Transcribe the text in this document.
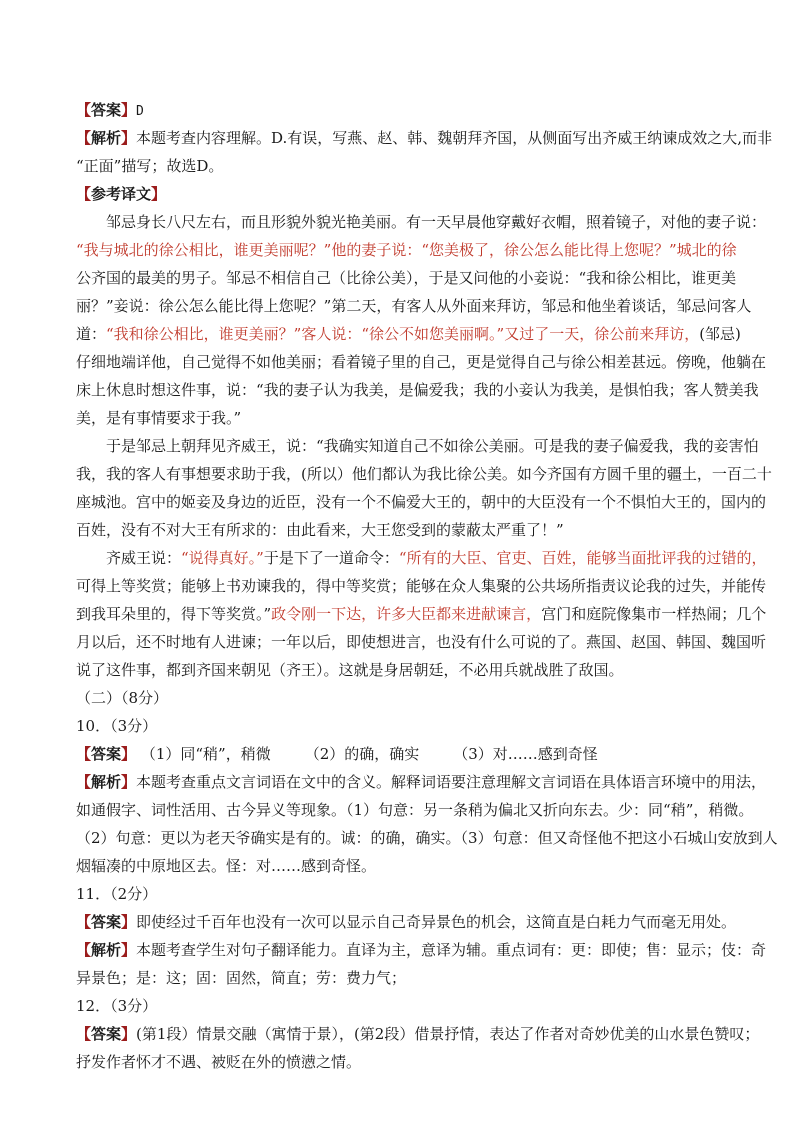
【答案】D
【解析】本题考查内容理解。D.有误，写燕、赵、韩、魏朝拜齐国，从侧面写出齐威王纳谏成效之大,而非
“正面”描写；故选D。
【参考译文】
邹忌身长八尺左右，而且形貌外貌光艳美丽。有一天早晨他穿戴好衣帽，照着镜子，对他的妻子说：
“我与城北的徐公相比，谁更美丽呢？”他的妻子说：“您美极了，徐公怎么能比得上您呢？”城北的徐
公齐国的最美的男子。邹忌不相信自己（比徐公美），于是又问他的小妾说：“我和徐公相比，谁更美
丽？”妾说：徐公怎么能比得上您呢？”第二天，有客人从外面来拜访，邹忌和他坐着谈话，邹忌问客人
道：“我和徐公相比，谁更美丽？”客人说：“徐公不如您美丽啊。”又过了一天，徐公前来拜访，(邹忌)
仔细地端详他，自己觉得不如他美丽；看着镜子里的自己，更是觉得自己与徐公相差甚远。傍晚，他躺在
床上休息时想这件事，说：“我的妻子认为我美，是偏爱我；我的小妾认为我美，是惧怕我；客人赞美我
美，是有事情要求于我。”
于是邹忌上朝拜见齐威王，说：“我确实知道自己不如徐公美丽。可是我的妻子偏爱我，我的妾害怕
我，我的客人有事想要求助于我，(所以）他们都认为我比徐公美。如今齐国有方圆千里的疆土，一百二十
座城池。宫中的姬妾及身边的近臣，没有一个不偏爱大王的，朝中的大臣没有一个不惧怕大王的，国内的
百姓，没有不对大王有所求的：由此看来，大王您受到的蒙蔽太严重了！”
齐威王说：“说得真好。”于是下了一道命令：“所有的大臣、官吏、百姓，能够当面批评我的过错的，
可得上等奖赏；能够上书劝谏我的，得中等奖赏；能够在众人集聚的公共场所指责议论我的过失，并能传
到我耳朵里的，得下等奖赏。”政令刚一下达，许多大臣都来进献谏言，宫门和庭院像集市一样热闹；几个
月以后，还不时地有人进谏；一年以后，即使想进言，也没有什么可说的了。燕国、赵国、韩国、魏国听
说了这件事，都到齐国来朝见（齐王）。这就是身居朝廷，不必用兵就战胜了敌国。
（二）（8分）
10．（3分）
【答案】 （1）同“稍”，稍微 （2）的确，确实 （3）对……感到奇怪
【解析】本题考查重点文言词语在文中的含义。解释词语要注意理解文言词语在具体语言环境中的用法，
如通假字、词性活用、古今异义等现象。（1）句意：另一条稍为偏北又折向东去。少：同“稍”，稍微。
（2）句意：更以为老天爷确实是有的。诚：的确，确实。（3）句意：但又奇怪他不把这小石城山安放到人
烟辐凑的中原地区去。怪：对……感到奇怪。
11．（2分）
【答案】即使经过千百年也没有一次可以显示自己奇异景色的机会，这简直是白耗力气而毫无用处。
【解析】本题考查学生对句子翻译能力。直译为主，意译为辅。重点词有：更：即使；售：显示；伎：奇
异景色；是：这；固：固然，简直；劳：费力气；
12．（3分）
【答案】(第1段）情景交融（寓情于景），(第2段）借景抒情，表达了作者对奇妙优美的山水景色赞叹；
抒发作者怀才不遇、被贬在外的愤懑之情。
